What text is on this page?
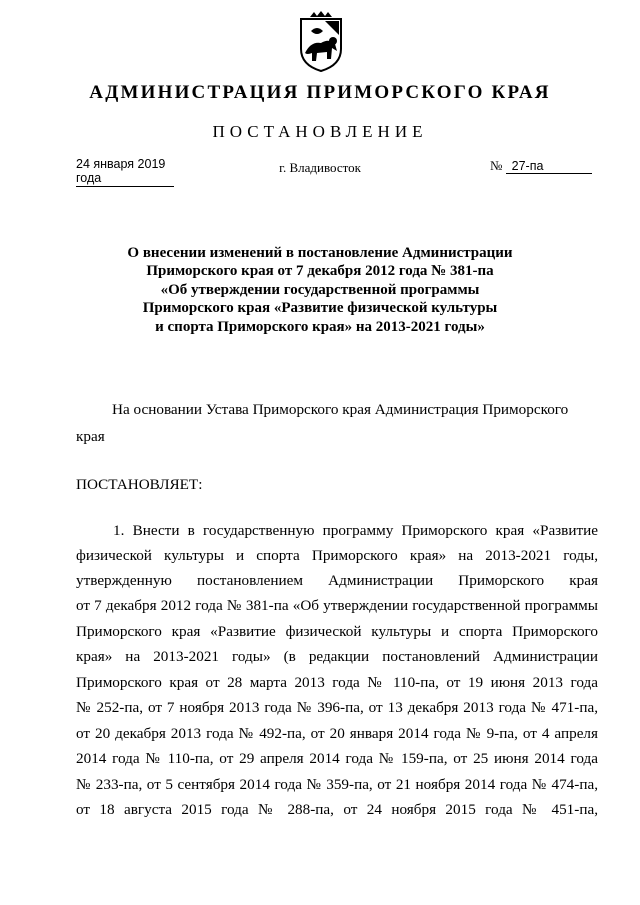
АДМИНИСТРАЦИЯ ПРИМОРСКОГО КРАЯ
ПОСТАНОВЛЕНИЕ
24 января 2019 года
г. Владивосток	№ 27-па
О внесении изменений в постановление Администрации
Приморского края от 7 декабря 2012 года № 381-па
«Об утверждении государственной программы
Приморского края «Развитие физической культуры
и спорта Приморского края» на 2013-2021 годы»

На основании Устава Приморского края Администрация Приморского

края

ПОСТАНОВЛЯЕТ:

1. Внести в государственную программу Приморского края «Развитие

физической культуры и спорта Приморского края» на 2013-2021 годы,

утвержденную постановлением Администрации Приморского края

от 7 декабря 2012 года № 381-па «Об утверждении государственной программы

Приморского края «Развитие физической культуры и спорта Приморского

края» на 2013-2021 годы» (в редакции постановлений Администрации

Приморского края от 28 марта 2013 года № 110-па, от 19 июня 2013 года

№ 252-па, от 7 ноября 2013 года № 396-па, от 13 декабря 2013 года № 471-па,

от 20 декабря 2013 года № 492-па, от 20 января 2014 года № 9-па, от 4 апреля

2014 года № 110-па, от 29 апреля 2014 года № 159-па, от 25 июня 2014 года

№ 233-па, от 5 сентября 2014 года № 359-па, от 21 ноября 2014 года № 474-па,

от 18 августа 2015 года № 288-па, от 24 ноября 2015 года № 451-па,
